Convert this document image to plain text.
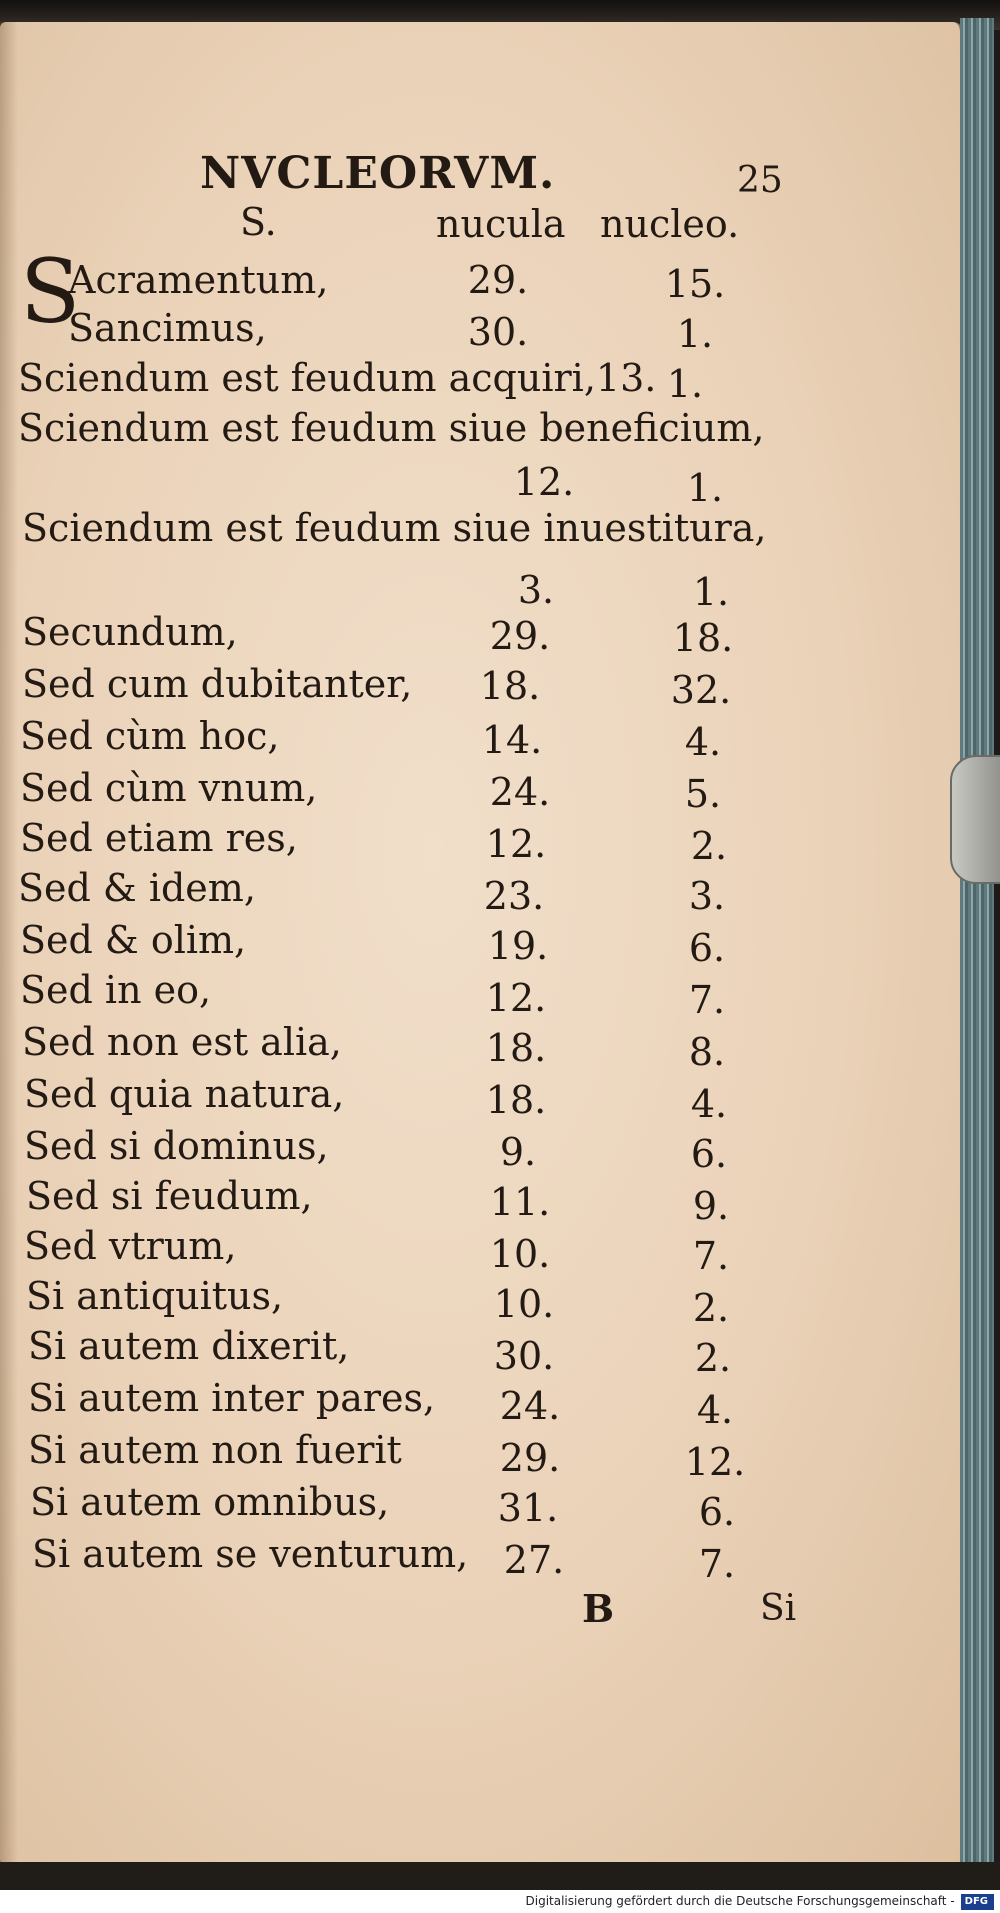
NVCLEORVM.	25
S.	nucula nucleo.
S
Acramentum,	29.	15.
Sancimus,	30.	1.
Sciendum est feudum acquiri,13. 1.
Sciendum est feudum siue beneficium,
12.	1.
Sciendum est feudum siue inuestitura,
3.	1.
Secundum,	29.	18.
Sed cum dubitanter, 18.	32.
Sed cùm hoc,	14.	4.
Sed cùm vnum,	24.	5.
Sed etiam res,	12.	2.
Sed & idem,	23.	3.
Sed & olim,	19.	6.
Sed in eo,	12.	7.
Sed non est alia,	18.	8.
Sed quia natura,	18.	4.
Sed si dominus,	9.	6.
Sed si feudum,	11.	9.
Sed vtrum,	10.	7.
Si antiquitus,	10.	2.
Si autem dixerit,	30.	2.
Si autem inter pares, 24.	4.
Si autem non fuerit	29.	12.
Si autem omnibus,	31.	6.
Si autem se venturum, 27.	7.
B	Si
Digitalisierung gefördert durch die Deutsche Forschungsgemeinschaft - DFG
